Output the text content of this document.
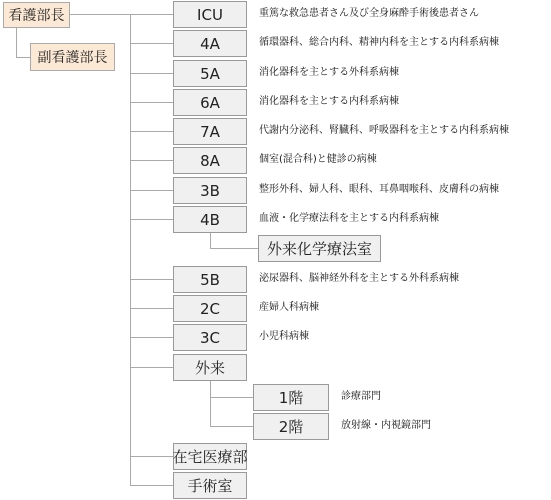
看護部長
副看護部長
ICU	重篤な救急患者さん及び全身麻酔手術後患者さん
4A	循環器科、総合内科、精神内科を主とする内科系病棟
5A	消化器科を主とする外科系病棟
6A	消化器科を主とする内科系病棟
7A	代謝内分泌科、腎臓科、呼吸器科を主とする内科系病棟
8A	個室(混合科)と健診の病棟
3B	整形外科、婦人科、眼科、耳鼻咽喉科、皮膚科の病棟
4B	血液・化学療法科を主とする内科系病棟
外来化学療法室
5B	泌尿器科、脳神経外科を主とする外科系病棟
2C	産婦人科病棟
3C	小児科病棟
外来
1階	診療部門
2階	放射線・内視鏡部門
在宅医療部
手術室
